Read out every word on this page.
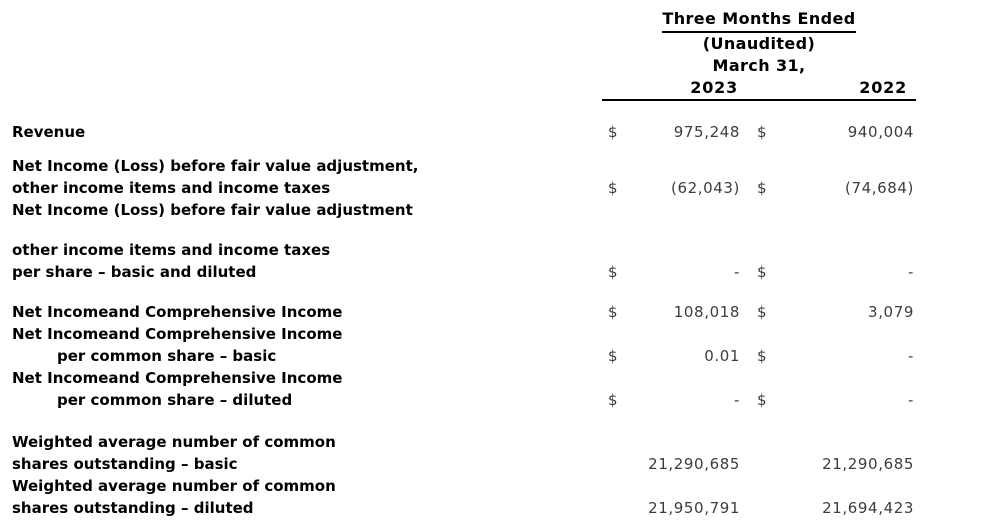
	Three Months Ended			
	(Unaudited)			
	March 31,			
	2023		2022	

Revenue	$	975,248	$	940,004

Net Income (Loss) before fair value adjustment,				
other income items and income taxes	$	(62,043)	$	(74,684)
Net Income (Loss) before fair value adjustment				

other income items and income taxes				
per share – basic and diluted	$	-	$	-

Net Incomeand Comprehensive Income	$	108,018	$	3,079
Net Incomeand Comprehensive Income				
per common share – basic	$	0.01	$	-
Net Incomeand Comprehensive Income				
per common share – diluted	$	-	$	-

Weighted average number of common				
shares outstanding – basic		21,290,685		21,290,685
Weighted average number of common				
shares outstanding – diluted		21,950,791		21,694,423
